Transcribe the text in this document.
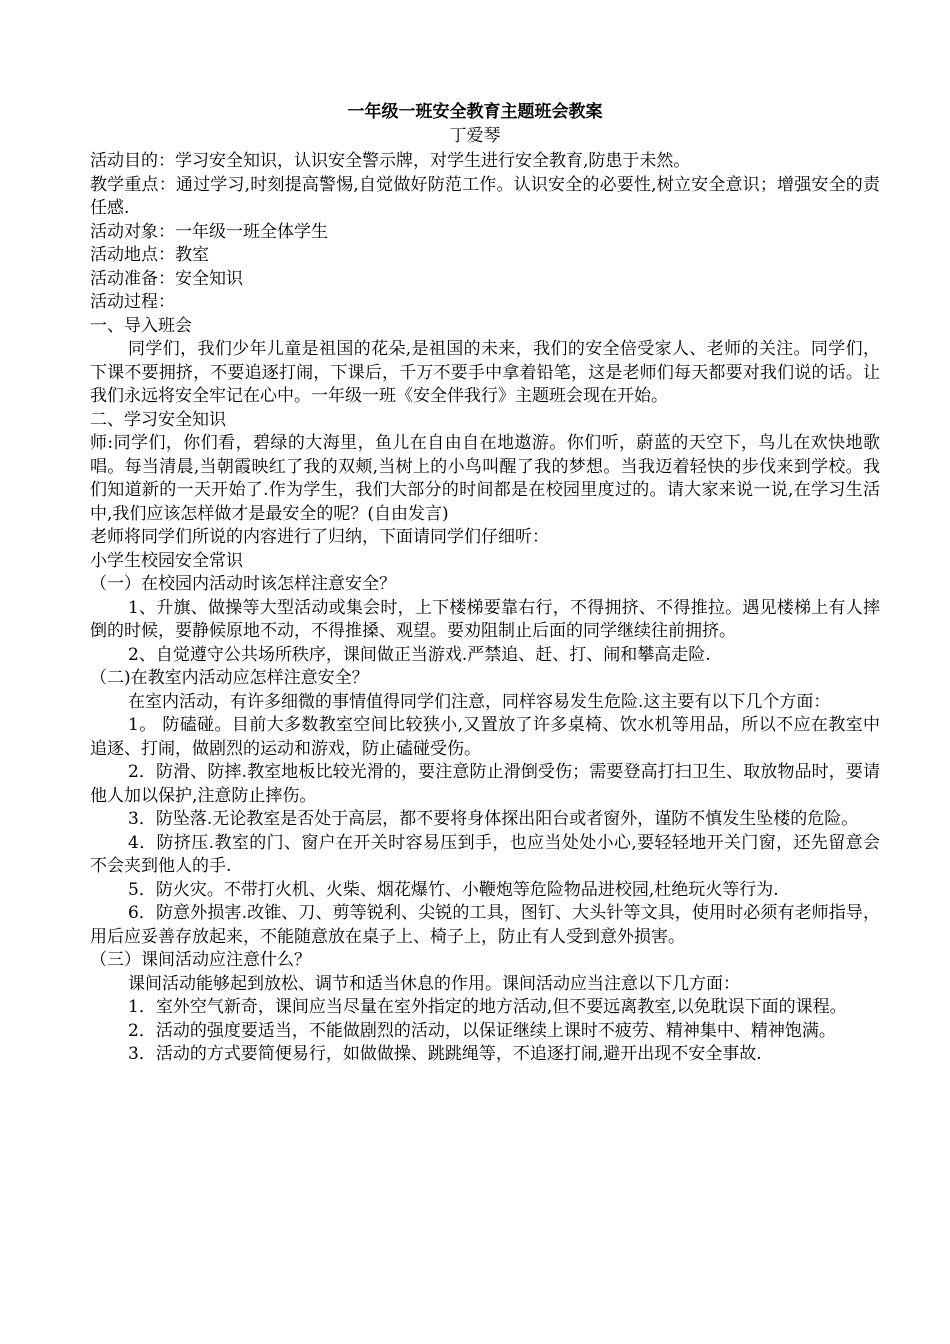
一年级一班安全教育主题班会教案
丁爱琴

活动目的：学习安全知识，认识安全警示牌，对学生进行安全教育,防患于未然。

教学重点：通过学习,时刻提高警惕,自觉做好防范工作。认识安全的必要性,树立安全意识；增强安全的责任感.

活动对象：一年级一班全体学生

活动地点：教室

活动准备：安全知识

活动过程：

一、导入班会

同学们，我们少年儿童是祖国的花朵,是祖国的未来，我们的安全倍受家人、老师的关注。同学们，下课不要拥挤，不要追逐打闹，下课后，千万不要手中拿着铅笔，这是老师们每天都要对我们说的话。让我们永远将安全牢记在心中。一年级一班《安全伴我行》主题班会现在开始。

二、学习安全知识

师:同学们，你们看，碧绿的大海里，鱼儿在自由自在地遨游。你们听，蔚蓝的天空下，鸟儿在欢快地歌唱。每当清晨,当朝霞映红了我的双颊,当树上的小鸟叫醒了我的梦想。当我迈着轻快的步伐来到学校。我们知道新的一天开始了.作为学生，我们大部分的时间都是在校园里度过的。请大家来说一说,在学习生活中,我们应该怎样做才是最安全的呢？(自由发言)

老师将同学们所说的内容进行了归纳，下面请同学们仔细听：

小学生校园安全常识

（一）在校园内活动时该怎样注意安全？

1、升旗、做操等大型活动或集会时，上下楼梯要靠右行，不得拥挤、不得推拉。遇见楼梯上有人摔倒的时候，要静候原地不动，不得推搡、观望。要劝阻制止后面的同学继续往前拥挤。

2、自觉遵守公共场所秩序，课间做正当游戏.严禁追、赶、打、闹和攀高走险.

（二)在教室内活动应怎样注意安全？

在室内活动，有许多细微的事情值得同学们注意，同样容易发生危险.这主要有以下几个方面：

1。 防磕碰。目前大多数教室空间比较狭小,又置放了许多桌椅、饮水机等用品，所以不应在教室中追逐、打闹，做剧烈的运动和游戏，防止磕碰受伤。

2．防滑、防摔.教室地板比较光滑的，要注意防止滑倒受伤；需要登高打扫卫生、取放物品时，要请他人加以保护,注意防止摔伤。

3．防坠落.无论教室是否处于高层，都不要将身体探出阳台或者窗外，谨防不慎发生坠楼的危险。

4．防挤压.教室的门、窗户在开关时容易压到手，也应当处处小心,要轻轻地开关门窗，还先留意会不会夹到他人的手.

5．防火灾。不带打火机、火柴、烟花爆竹、小鞭炮等危险物品进校园,杜绝玩火等行为.

6．防意外损害.改锥、刀、剪等锐利、尖锐的工具，图钉、大头针等文具，使用时必须有老师指导，用后应妥善存放起来，不能随意放在桌子上、椅子上，防止有人受到意外损害。

（三）课间活动应注意什么？

课间活动能够起到放松、调节和适当休息的作用。课间活动应当注意以下几方面：

1．室外空气新奇，课间应当尽量在室外指定的地方活动,但不要远离教室,以免耽误下面的课程。

2．活动的强度要适当，不能做剧烈的活动，以保证继续上课时不疲劳、精神集中、精神饱满。

3．活动的方式要简便易行，如做做操、跳跳绳等，不追逐打闹,避开出现不安全事故.
